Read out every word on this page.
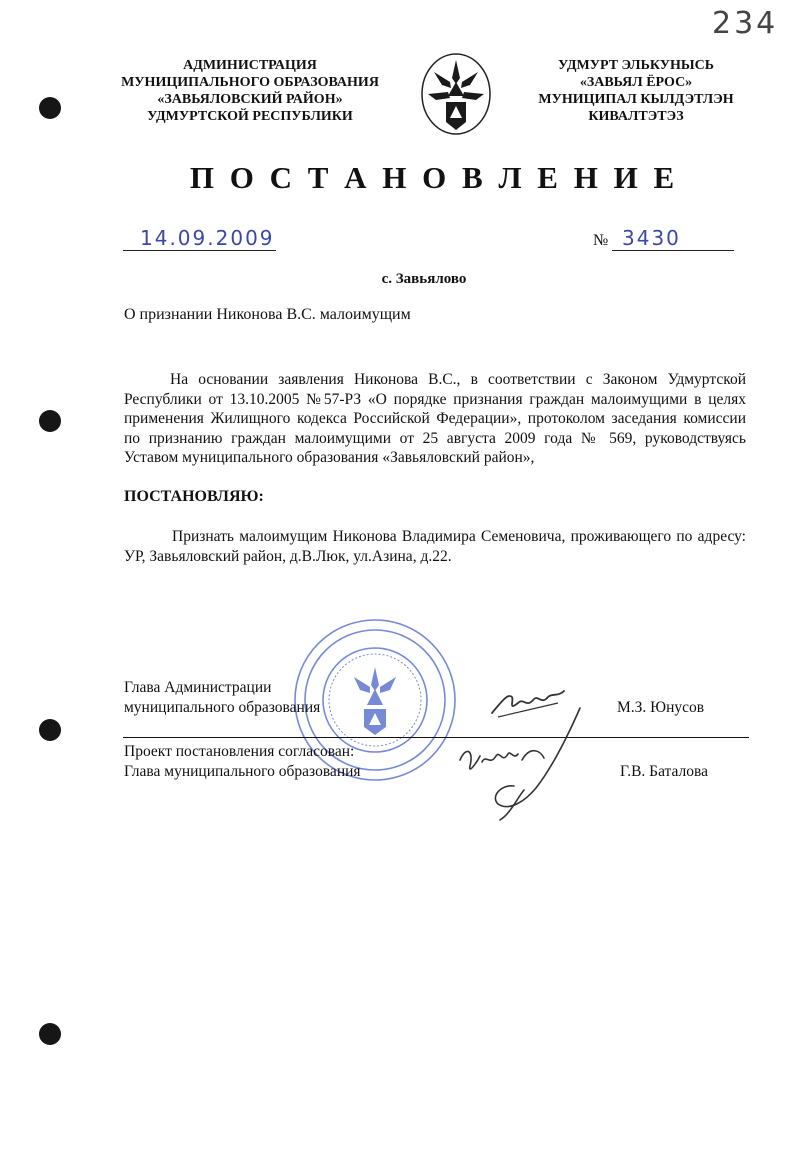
234
АДМИНИСТРАЦИЯ
МУНИЦИПАЛЬНОГО ОБРАЗОВАНИЯ
«ЗАВЬЯЛОВСКИЙ РАЙОН»
УДМУРТСКОЙ РЕСПУБЛИКИ
УДМУРТ ЭЛЬКУНЫСЬ
«ЗАВЬЯЛ ЁРОС»
МУНИЦИПАЛ КЫЛДЭТЛЭН
КИВАЛТЭТЭЗ
П О С Т А Н О В Л Е Н И Е
14.09.2009	№ 3430
с. Завьялово
О признании Никонова В.С. малоимущим
На основании заявления Никонова В.С., в соответствии с Законом Удмуртской Республики от 13.10.2005 №57-РЗ «О порядке признания граждан малоимущими в целях применения Жилищного кодекса Российской Федерации», протоколом заседания комиссии по признанию граждан малоимущими от 25 августа 2009 года № 569, руководствуясь Уставом муниципального образования «Завьяловский район»,
ПОСТАНОВЛЯЮ:
Признать малоимущим Никонова Владимира Семеновича, проживающего по адресу: УР, Завьяловский район, д.В.Люк, ул.Азина, д.22.
Глава Администрации
муниципального образования	М.З. Юнусов
Проект постановления согласован:
Глава муниципального образования	Г.В. Баталова
